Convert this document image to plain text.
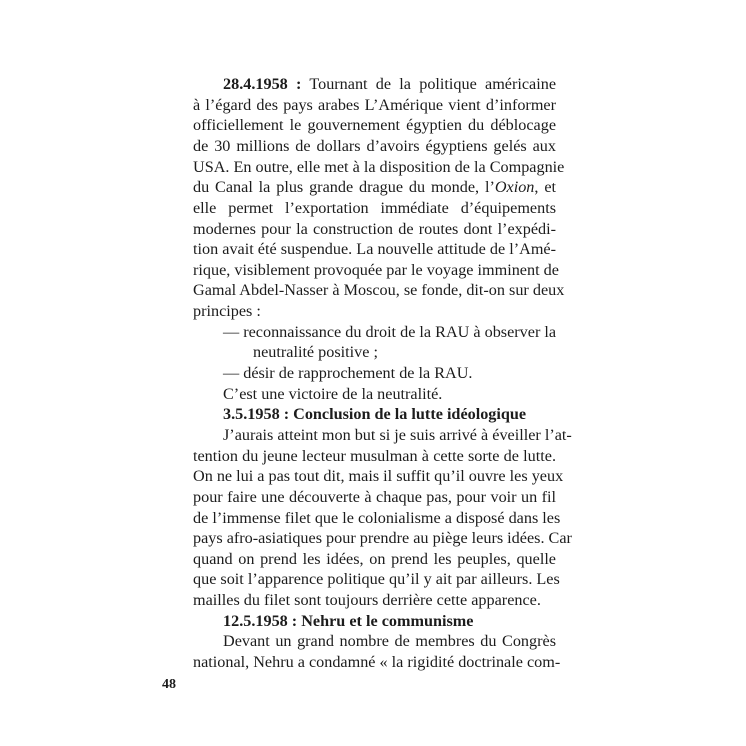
28.4.1958 : Tournant de la politique américaine
à l’égard des pays arabes L’Amérique vient d’informer
officiellement le gouvernement égyptien du déblocage
de 30 millions de dollars d’avoirs égyptiens gelés aux
USA. En outre, elle met à la disposition de la Compagnie
du Canal la plus grande drague du monde, l’Oxion, et
elle permet l’exportation immédiate d’équipements
modernes pour la construction de routes dont l’expédi-
tion avait été suspendue. La nouvelle attitude de l’Amé-
rique, visiblement provoquée par le voyage imminent de
Gamal Abdel-Nasser à Moscou, se fonde, dit-on sur deux
principes :
— reconnaissance du droit de la RAU à observer la
neutralité positive ;
— désir de rapprochement de la RAU.
C’est une victoire de la neutralité.
3.5.1958 : Conclusion de la lutte idéologique
J’aurais atteint mon but si je suis arrivé à éveiller l’at-
tention du jeune lecteur musulman à cette sorte de lutte.
On ne lui a pas tout dit, mais il suffit qu’il ouvre les yeux
pour faire une découverte à chaque pas, pour voir un fil
de l’immense filet que le colonialisme a disposé dans les
pays afro-asiatiques pour prendre au piège leurs idées. Car
quand on prend les idées, on prend les peuples, quelle
que soit l’apparence politique qu’il y ait par ailleurs. Les
mailles du filet sont toujours derrière cette apparence.
12.5.1958 : Nehru et le communisme
Devant un grand nombre de membres du Congrès
national, Nehru a condamné « la rigidité doctrinale com-
48
